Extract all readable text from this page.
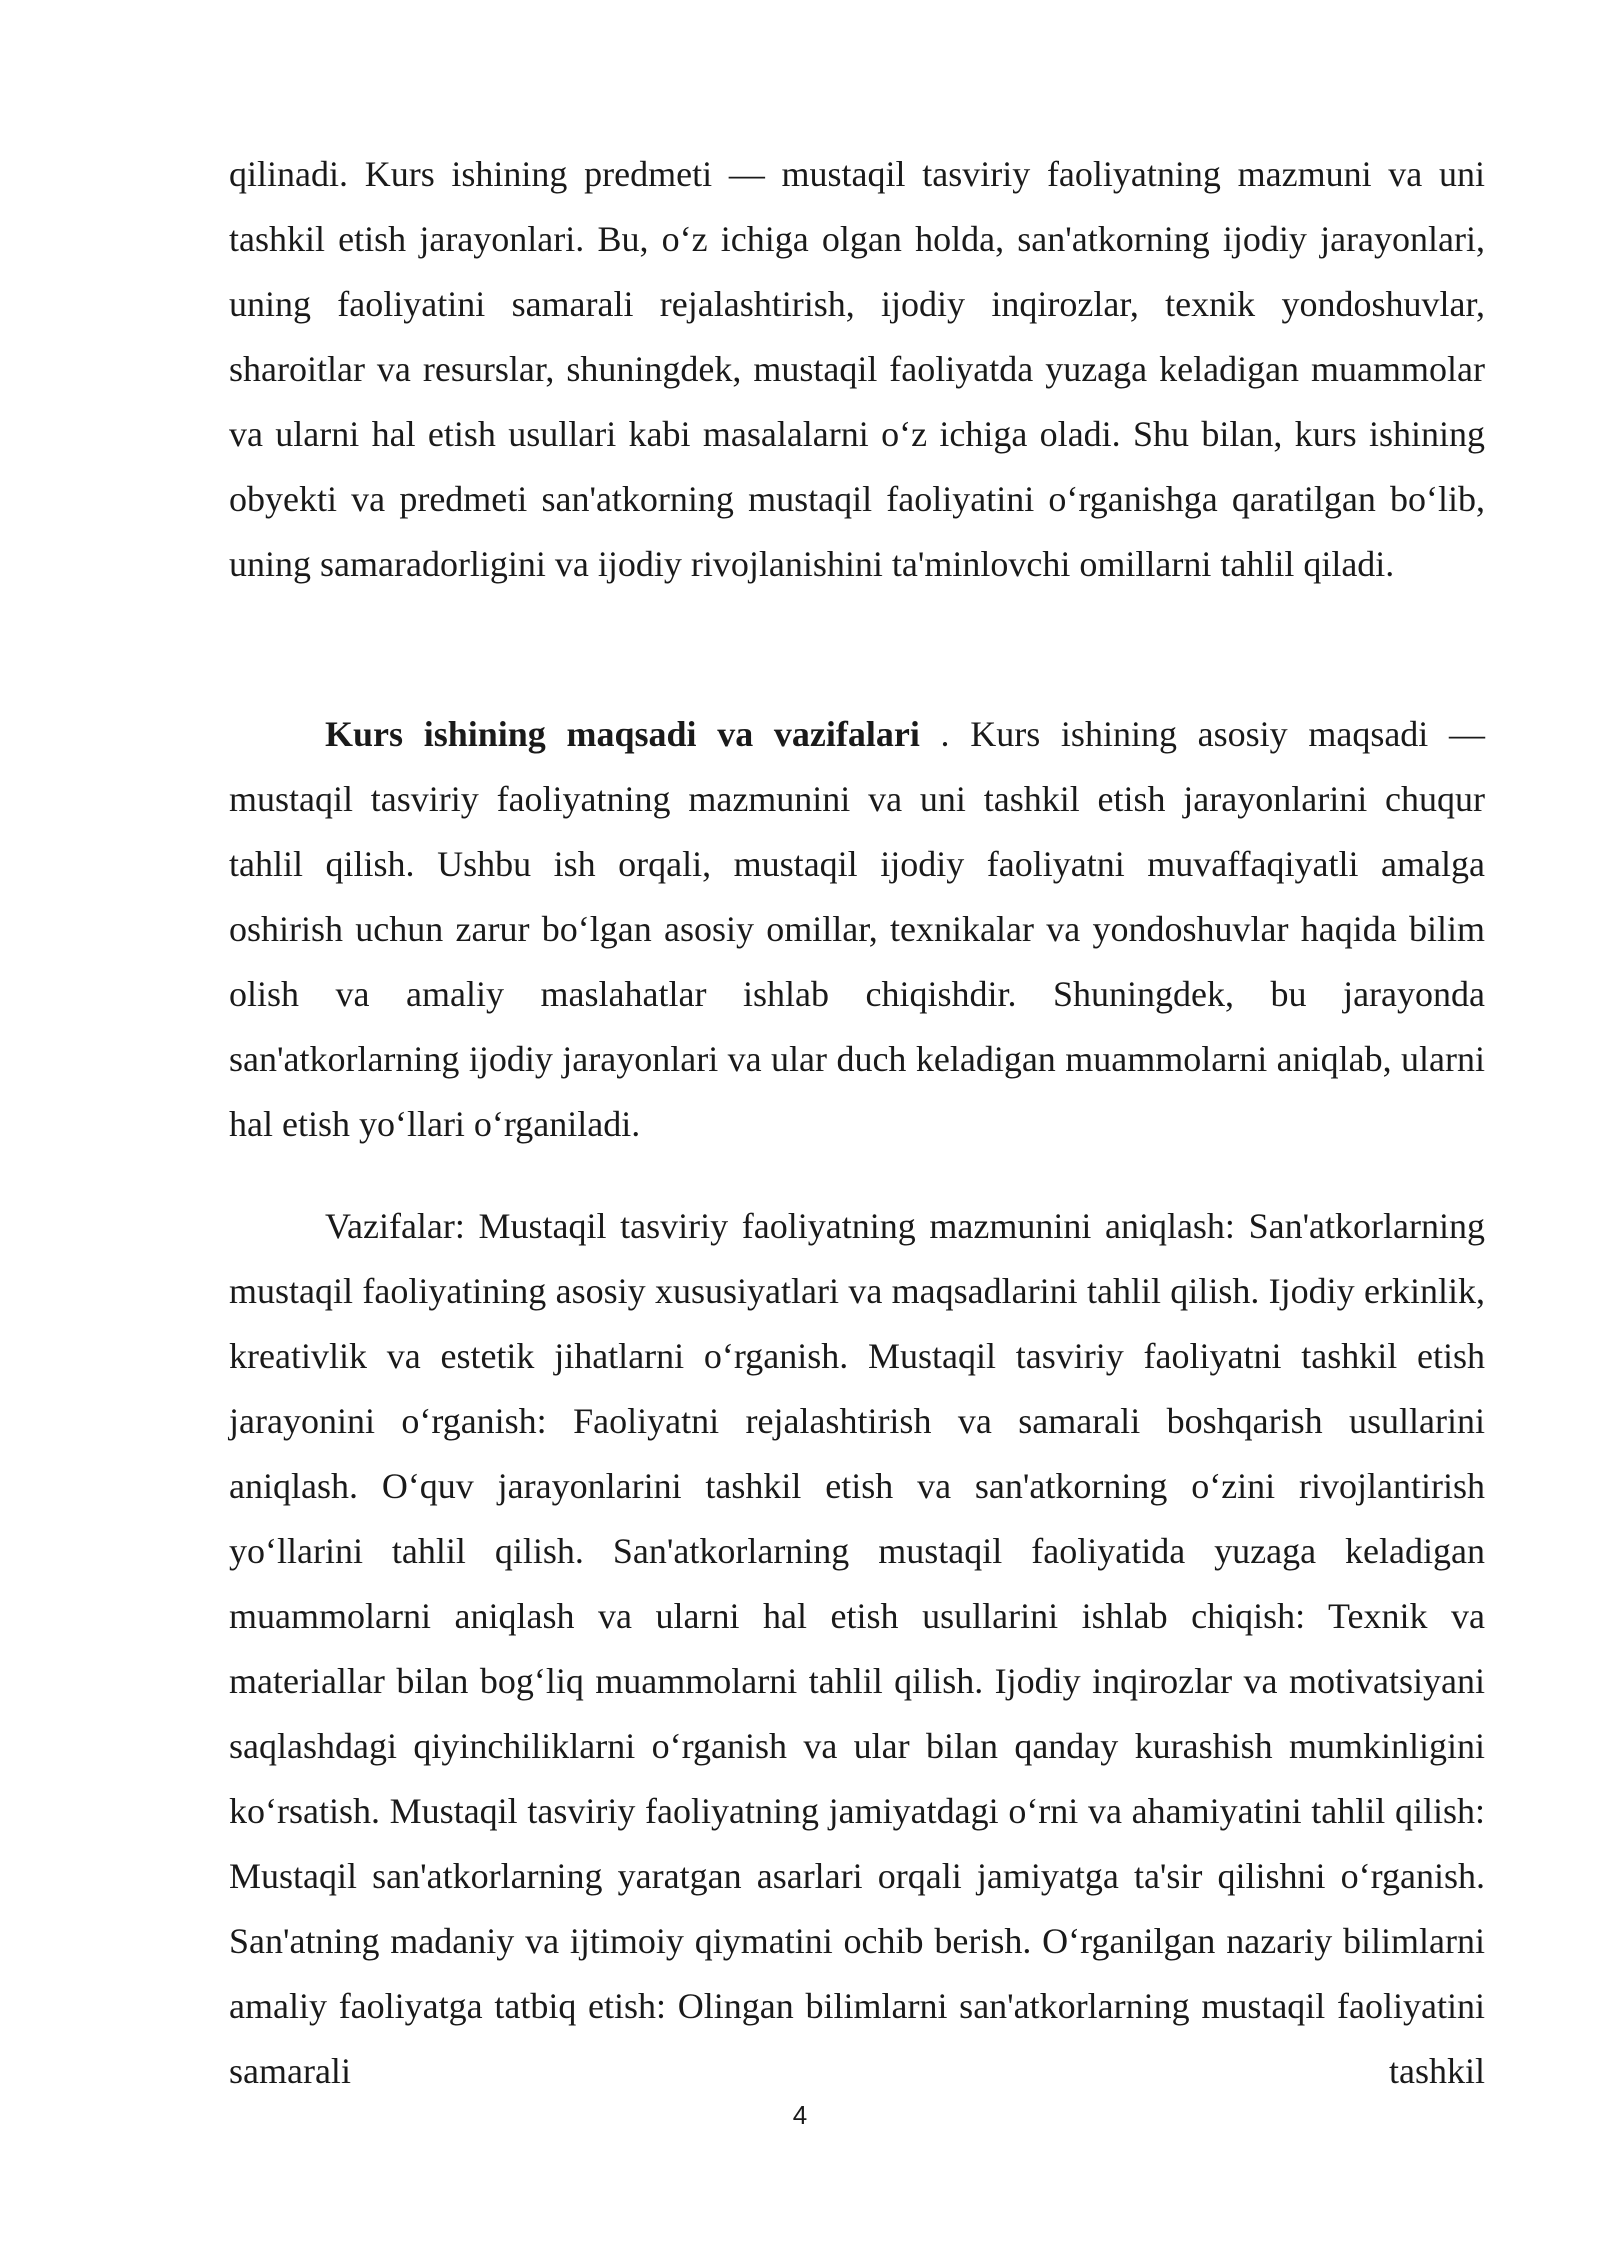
qilinadi. Kurs ishining predmeti — mustaqil tasviriy faoliyatning mazmuni va uni tashkil etish jarayonlari. Bu, o‘z ichiga olgan holda, san'atkorning ijodiy jarayonlari, uning faoliyatini samarali rejalashtirish, ijodiy inqirozlar, texnik yondoshuvlar, sharoitlar va resurslar, shuningdek, mustaqil faoliyatda yuzaga keladigan muammolar va ularni hal etish usullari kabi masalalarni o‘z ichiga oladi. Shu bilan, kurs ishining obyekti va predmeti san'atkorning mustaqil faoliyatini o‘rganishga qaratilgan bo‘lib, uning samaradorligini va ijodiy rivojlanishini ta'minlovchi omillarni tahlil qiladi.

Kurs ishining maqsadi va vazifalari . Kurs ishining asosiy maqsadi — mustaqil tasviriy faoliyatning mazmunini va uni tashkil etish jarayonlarini chuqur tahlil qilish. Ushbu ish orqali, mustaqil ijodiy faoliyatni muvaffaqiyatli amalga oshirish uchun zarur bo‘lgan asosiy omillar, texnikalar va yondoshuvlar haqida bilim olish va amaliy maslahatlar ishlab chiqishdir. Shuningdek, bu jarayonda san'atkorlarning ijodiy jarayonlari va ular duch keladigan muammolarni aniqlab, ularni hal etish yo‘llari o‘rganiladi.

Vazifalar: Mustaqil tasviriy faoliyatning mazmunini aniqlash: San'atkorlarning mustaqil faoliyatining asosiy xususiyatlari va maqsadlarini tahlil qilish. Ijodiy erkinlik, kreativlik va estetik jihatlarni o‘rganish. Mustaqil tasviriy faoliyatni tashkil etish jarayonini o‘rganish: Faoliyatni rejalashtirish va samarali boshqarish usullarini aniqlash. O‘quv jarayonlarini tashkil etish va san'atkorning o‘zini rivojlantirish yo‘llarini tahlil qilish. San'atkorlarning mustaqil faoliyatida yuzaga keladigan muammolarni aniqlash va ularni hal etish usullarini ishlab chiqish: Texnik va materiallar bilan bog‘liq muammolarni tahlil qilish. Ijodiy inqirozlar va motivatsiyani saqlashdagi qiyinchiliklarni o‘rganish va ular bilan qanday kurashish mumkinligini ko‘rsatish. Mustaqil tasviriy faoliyatning jamiyatdagi o‘rni va ahamiyatini tahlil qilish: Mustaqil san'atkorlarning yaratgan asarlari orqali jamiyatga ta'sir qilishni o‘rganish. San'atning madaniy va ijtimoiy qiymatini ochib berish. O‘rganilgan nazariy bilimlarni amaliy faoliyatga tatbiq etish: Olingan bilimlarni san'atkorlarning mustaqil faoliyatini samarali tashkil

4
